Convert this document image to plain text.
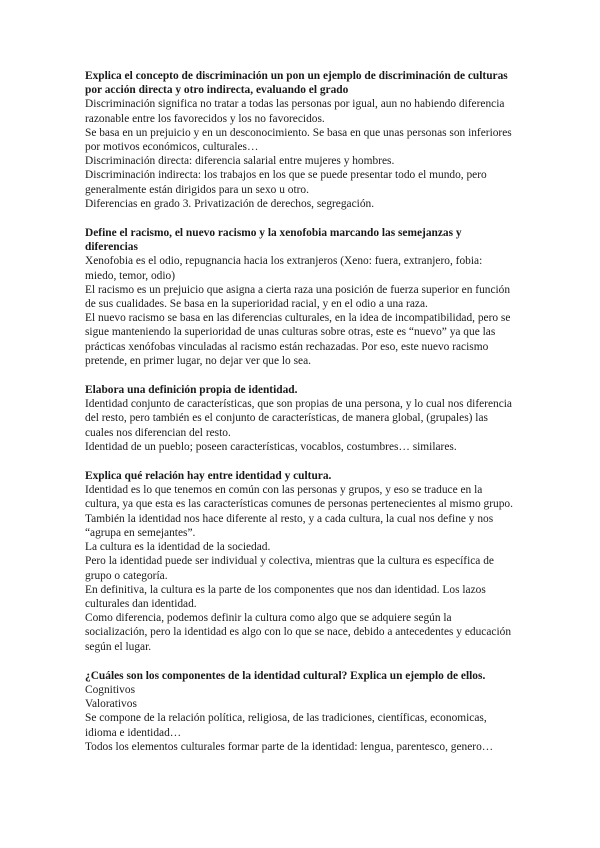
Explica el concepto de discriminación un pon un ejemplo de discriminación de culturas por acción directa y otro indirecta, evaluando el grado

Discriminación significa no tratar a todas las personas por igual, aun no habiendo diferencia razonable entre los favorecidos y los no favorecidos.

Se basa en un prejuicio y en un desconocimiento. Se basa en que unas personas son inferiores por motivos económicos, culturales…

Discriminación directa: diferencia salarial entre mujeres y hombres.

Discriminación indirecta: los trabajos en los que se puede presentar todo el mundo, pero generalmente están dirigidos para un sexo u otro.

Diferencias en grado 3. Privatización de derechos, segregación.

Define el racismo, el nuevo racismo y la xenofobia marcando las semejanzas y diferencias

Xenofobia es el odio, repugnancia hacia los extranjeros (Xeno: fuera, extranjero, fobia: miedo, temor, odio)

El racismo es un prejuicio que asigna a cierta raza una posición de fuerza superior en función de sus cualidades. Se basa en la superioridad racial, y en el odio a una raza.

El nuevo racismo se basa en las diferencias culturales, en la idea de incompatibilidad, pero se sigue manteniendo la superioridad de unas culturas sobre otras, este es “nuevo” ya que las prácticas xenófobas vinculadas al racismo están rechazadas. Por eso, este nuevo racismo pretende, en primer lugar, no dejar ver que lo sea.

Elabora una definición propia de identidad.

Identidad conjunto de características, que son propias de una persona, y lo cual nos diferencia del resto, pero también es el conjunto de características, de manera global, (grupales) las cuales nos diferencian del resto.

Identidad de un pueblo; poseen características, vocablos, costumbres… similares.

Explica qué relación hay entre identidad y cultura.

Identidad es lo que tenemos en común con las personas y grupos, y eso se traduce en la cultura, ya que esta es las características comunes de personas pertenecientes al mismo grupo.

También la identidad nos hace diferente al resto, y a cada cultura, la cual nos define y nos “agrupa en semejantes”.

La cultura es la identidad de la sociedad.

Pero la identidad puede ser individual y colectiva, mientras que la cultura es específica de grupo o categoría.

En definitiva, la cultura es la parte de los componentes que nos dan identidad. Los lazos culturales dan identidad.

Como diferencia, podemos definir la cultura como algo que se adquiere según la socialización, pero la identidad es algo con lo que se nace, debido a antecedentes y educación según el lugar.

¿Cuáles son los componentes de la identidad cultural? Explica un ejemplo de ellos.

Cognitivos

Valorativos

Se compone de la relación política, religiosa, de las tradiciones, científicas, economicas, idioma e identidad…

Todos los elementos culturales formar parte de la identidad: lengua, parentesco, genero…
